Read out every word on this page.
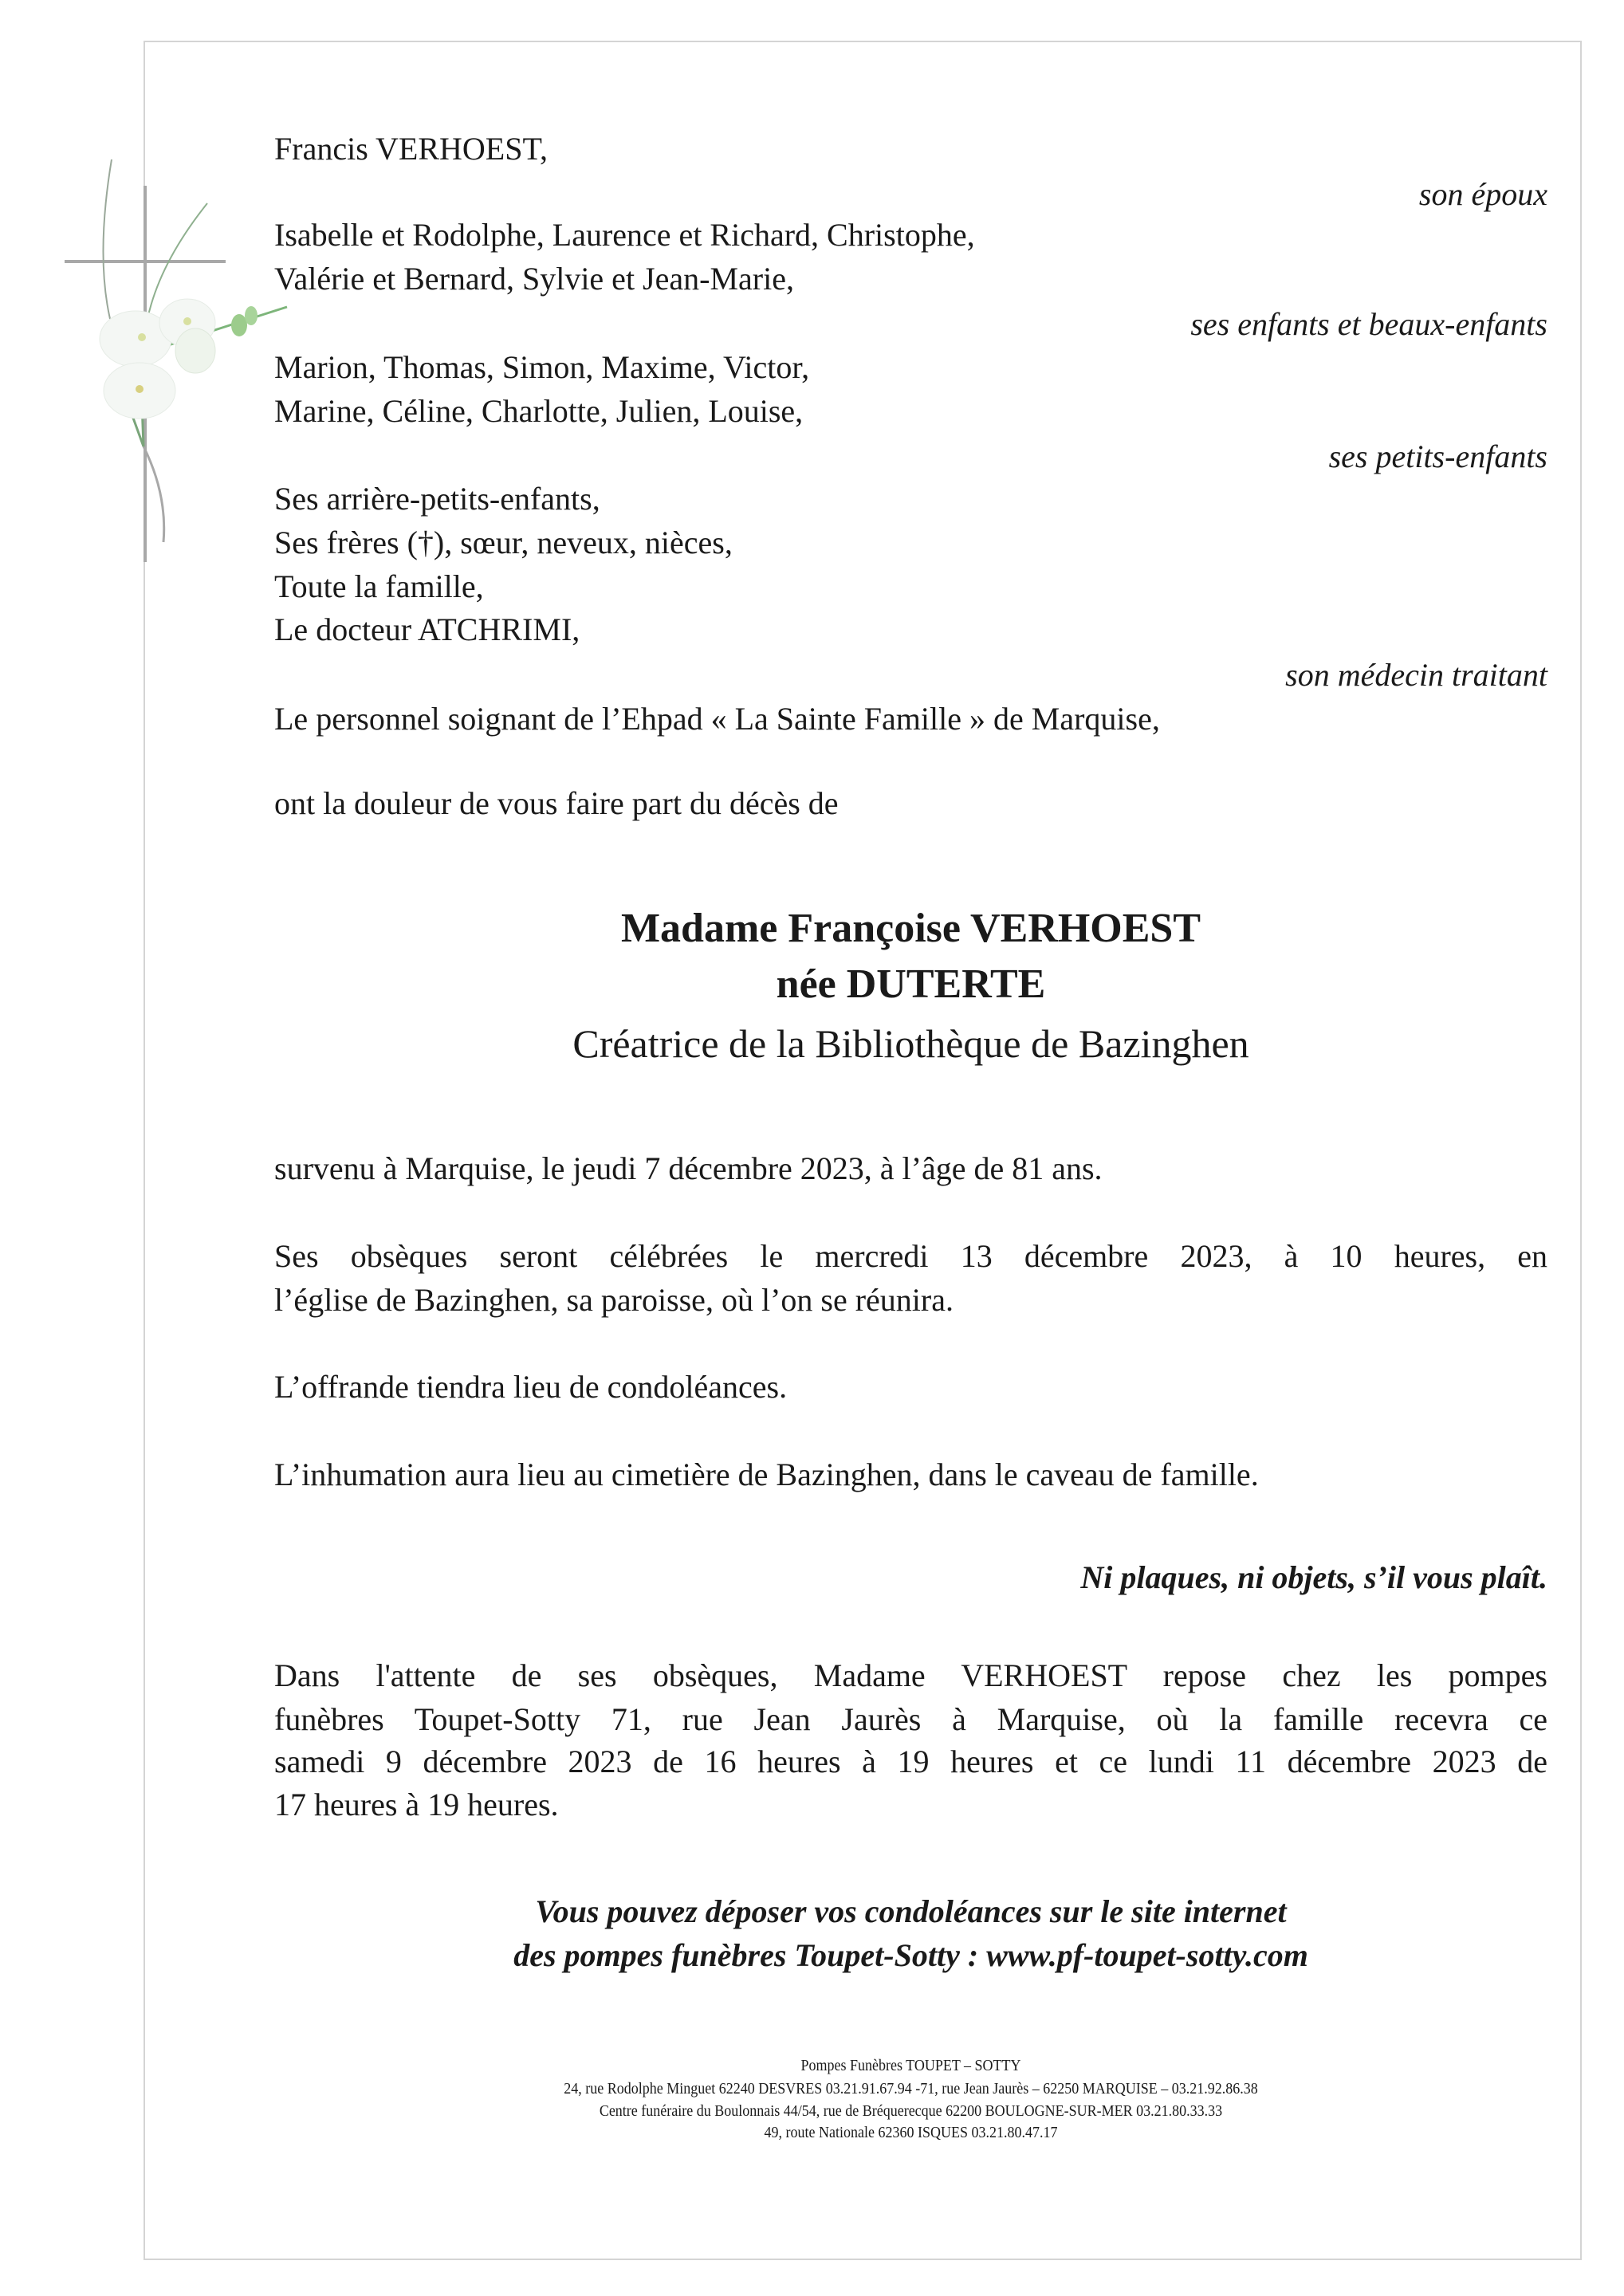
Francis VERHOEST,
son époux
Isabelle et Rodolphe, Laurence et Richard, Christophe,
Valérie et Bernard, Sylvie et Jean-Marie,
ses enfants et beaux-enfants
Marion, Thomas, Simon, Maxime, Victor,
Marine, Céline, Charlotte, Julien, Louise,
ses petits-enfants
Ses arrière-petits-enfants,
Ses frères (†), sœur, neveux, nièces,
Toute la famille,
Le docteur ATCHRIMI,
son médecin traitant
Le personnel soignant de l’Ehpad « La Sainte Famille » de Marquise,
ont la douleur de vous faire part du décès de
Madame Françoise VERHOEST
née DUTERTE
Créatrice de la Bibliothèque de Bazinghen
survenu à Marquise, le jeudi 7 décembre 2023, à l’âge de 81 ans.
Ses obsèques seront célébrées le mercredi 13 décembre 2023, à 10 heures, en
l’église de Bazinghen, sa paroisse, où l’on se réunira.
L’offrande tiendra lieu de condoléances.
L’inhumation aura lieu au cimetière de Bazinghen, dans le caveau de famille.
Ni plaques, ni objets, s’il vous plaît.
Dans l'attente de ses obsèques, Madame VERHOEST repose chez les pompes
funèbres Toupet-Sotty 71, rue Jean Jaurès à Marquise, où la famille recevra ce
samedi 9 décembre 2023 de 16 heures à 19 heures et ce lundi 11 décembre 2023 de
17 heures à 19 heures.
Vous pouvez déposer vos condoléances sur le site internet
des pompes funèbres Toupet-Sotty : www.pf-toupet-sotty.com
Pompes Funèbres TOUPET – SOTTY
24, rue Rodolphe Minguet 62240 DESVRES 03.21.91.67.94 -71, rue Jean Jaurès – 62250 MARQUISE – 03.21.92.86.38
Centre funéraire du Boulonnais 44/54, rue de Bréquerecque 62200 BOULOGNE-SUR-MER 03.21.80.33.33
49, route Nationale 62360 ISQUES 03.21.80.47.17
